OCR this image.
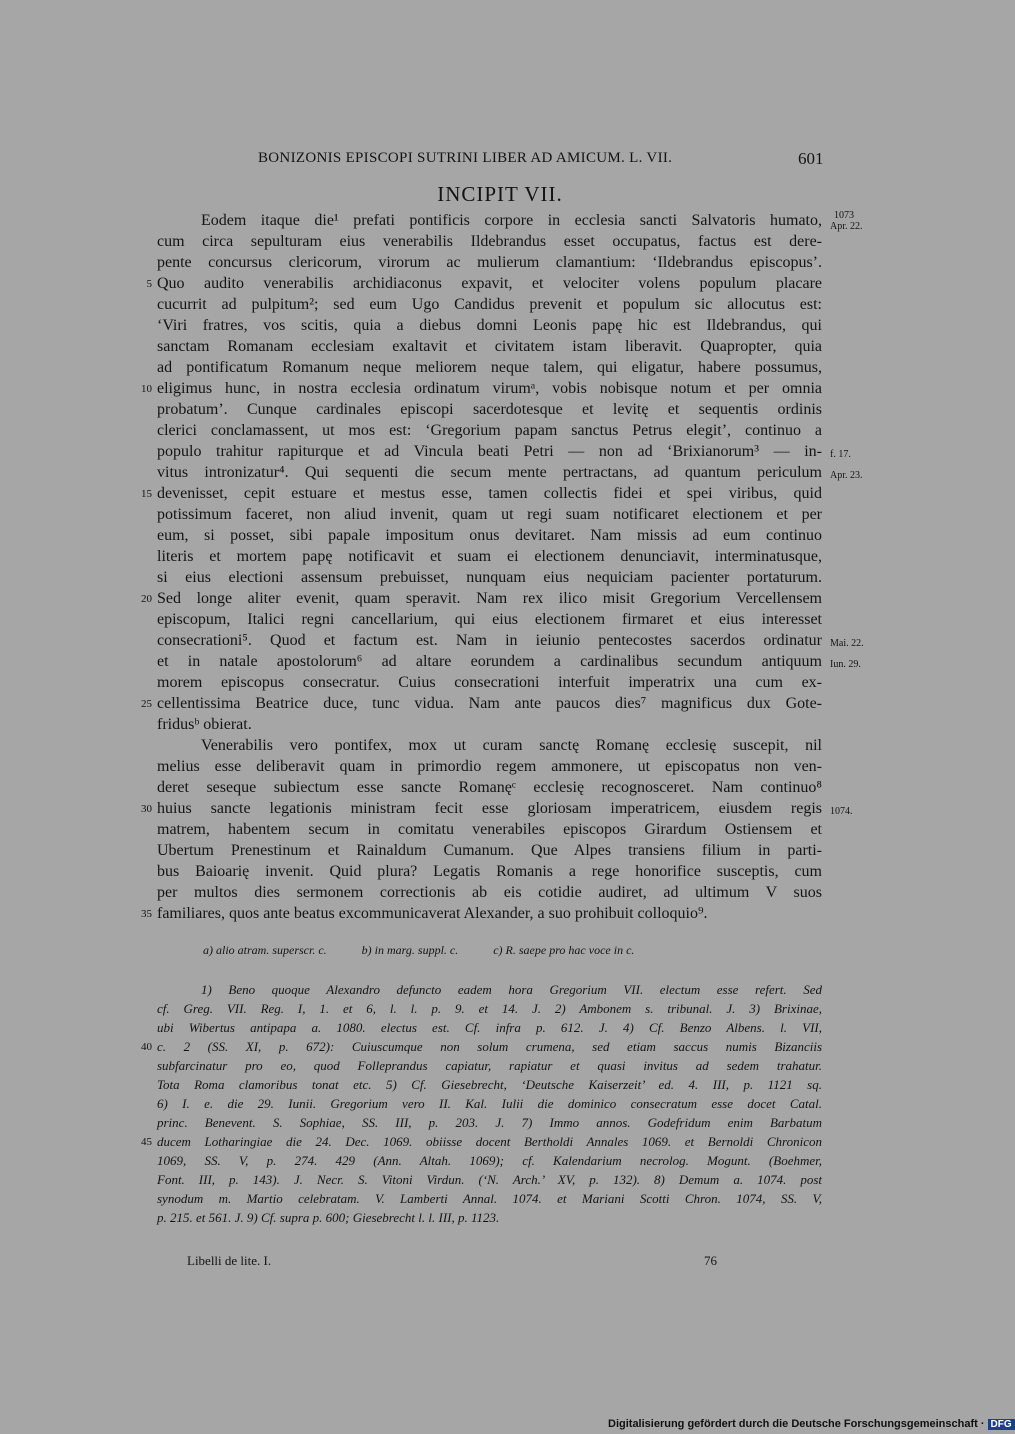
BONIZONIS EPISCOPI SUTRINI LIBER AD AMICUM. L. VII.	601
INCIPIT VII.
Eodem itaque die¹ prefati pontificis corpore in ecclesia sancti Salvatoris humato,
cum circa sepulturam eius venerabilis Ildebrandus esset occupatus, factus est dere-
pente concursus clericorum, virorum ac mulierum clamantium: ‘Ildebrandus episcopus’.
Quo audito venerabilis archidiaconus expavit, et velociter volens populum placare
cucurrit ad pulpitum²; sed eum Ugo Candidus prevenit et populum sic allocutus est:
‘Viri fratres, vos scitis, quia a diebus domni Leonis papę hic est Ildebrandus, qui
sanctam Romanam ecclesiam exaltavit et civitatem istam liberavit. Quapropter, quia
ad pontificatum Romanum neque meliorem neque talem, qui eligatur, habere possumus,
eligimus hunc, in nostra ecclesia ordinatum virumᵃ, vobis nobisque notum et per omnia
probatum’. Cunque cardinales episcopi sacerdotesque et levitę et sequentis ordinis
clerici conclamassent, ut mos est: ‘Gregorium papam sanctus Petrus elegit’, continuo a
populo trahitur rapiturque et ad Vincula beati Petri — non ad ‘Brixianorum³ — in-
vitus intronizatur⁴. Qui sequenti die secum mente pertractans, ad quantum periculum
devenisset, cepit estuare et mestus esse, tamen collectis fidei et spei viribus, quid
potissimum faceret, non aliud invenit, quam ut regi suam notificaret electionem et per
eum, si posset, sibi papale impositum onus devitaret. Nam missis ad eum continuo
literis et mortem papę notificavit et suam ei electionem denunciavit, interminatusque,
si eius electioni assensum prebuisset, nunquam eius nequiciam pacienter portaturum.
Sed longe aliter evenit, quam speravit. Nam rex ilico misit Gregorium Vercellensem
episcopum, Italici regni cancellarium, qui eius electionem firmaret et eius interesset
consecrationi⁵. Quod et factum est. Nam in ieiunio pentecostes sacerdos ordinatur
et in natale apostolorum⁶ ad altare eorundem a cardinalibus secundum antiquum
morem episcopus consecratur. Cuius consecrationi interfuit imperatrix una cum ex-
cellentissima Beatrice duce, tunc vidua. Nam ante paucos dies⁷ magnificus dux Gote-
fridusᵇ obierat.
Venerabilis vero pontifex, mox ut curam sanctę Romanę ecclesię suscepit, nil
melius esse deliberavit quam in primordio regem ammonere, ut episcopatus non ven-
deret seseque subiectum esse sancte Romanęᶜ ecclesię recognosceret. Nam continuo⁸
huius sancte legationis ministram fecit esse gloriosam imperatricem, eiusdem regis
matrem, habentem secum in comitatu venerabiles episcopos Girardum Ostiensem et
Ubertum Prenestinum et Rainaldum Cumanum. Que Alpes transiens filium in parti-
bus Baioarię invenit. Quid plura? Legatis Romanis a rege honorifice susceptis, cum
per multos dies sermonem correctionis ab eis cotidie audiret, ad ultimum V suos
familiares, quos ante beatus excommunicaverat Alexander, a suo prohibuit colloquio⁹.
5
10
15
20
25
30
35
1073
Apr. 22.
f. 17.
Apr. 23.
Mai. 22.
Iun. 29.
1074.
a) alio atram. superscr. c.	b) in marg. suppl. c.	c) R. saepe pro hac voce in c.
1) Beno quoque Alexandro defuncto eadem hora Gregorium VII. electum esse refert. Sed
cf. Greg. VII. Reg. I, 1. et 6, l. l. p. 9. et 14. J. 2) Ambonem s. tribunal. J. 3) Brixinae,
ubi Wibertus antipapa a. 1080. electus est. Cf. infra p. 612. J. 4) Cf. Benzo Albens. l. VII,
c. 2 (SS. XI, p. 672): Cuiuscumque non solum crumena, sed etiam saccus numis Bizanciis
subfarcinatur pro eo, quod Folleprandus capiatur, rapiatur et quasi invitus ad sedem trahatur.
Tota Roma clamoribus tonat etc. 5) Cf. Giesebrecht, ‘Deutsche Kaiserzeit’ ed. 4. III, p. 1121 sq.
6) I. e. die 29. Iunii. Gregorium vero II. Kal. Iulii die dominico consecratum esse docet Catal.
princ. Benevent. S. Sophiae, SS. III, p. 203. J. 7) Immo annos. Godefridum enim Barbatum
ducem Lotharingiae die 24. Dec. 1069. obiisse docent Bertholdi Annales 1069. et Bernoldi Chronicon
1069, SS. V, p. 274. 429 (Ann. Altah. 1069); cf. Kalendarium necrolog. Mogunt. (Boehmer,
Font. III, p. 143). J. Necr. S. Vitoni Virdun. (‘N. Arch.’ XV, p. 132). 8) Demum a. 1074. post
synodum m. Martio celebratam. V. Lamberti Annal. 1074. et Mariani Scotti Chron. 1074, SS. V,
p. 215. et 561. J. 9) Cf. supra p. 600; Giesebrecht l. l. III, p. 1123.
40
45
Libelli de lite. I.	76
Digitalisierung gefördert durch die Deutsche Forschungsgemeinschaft · DFG
